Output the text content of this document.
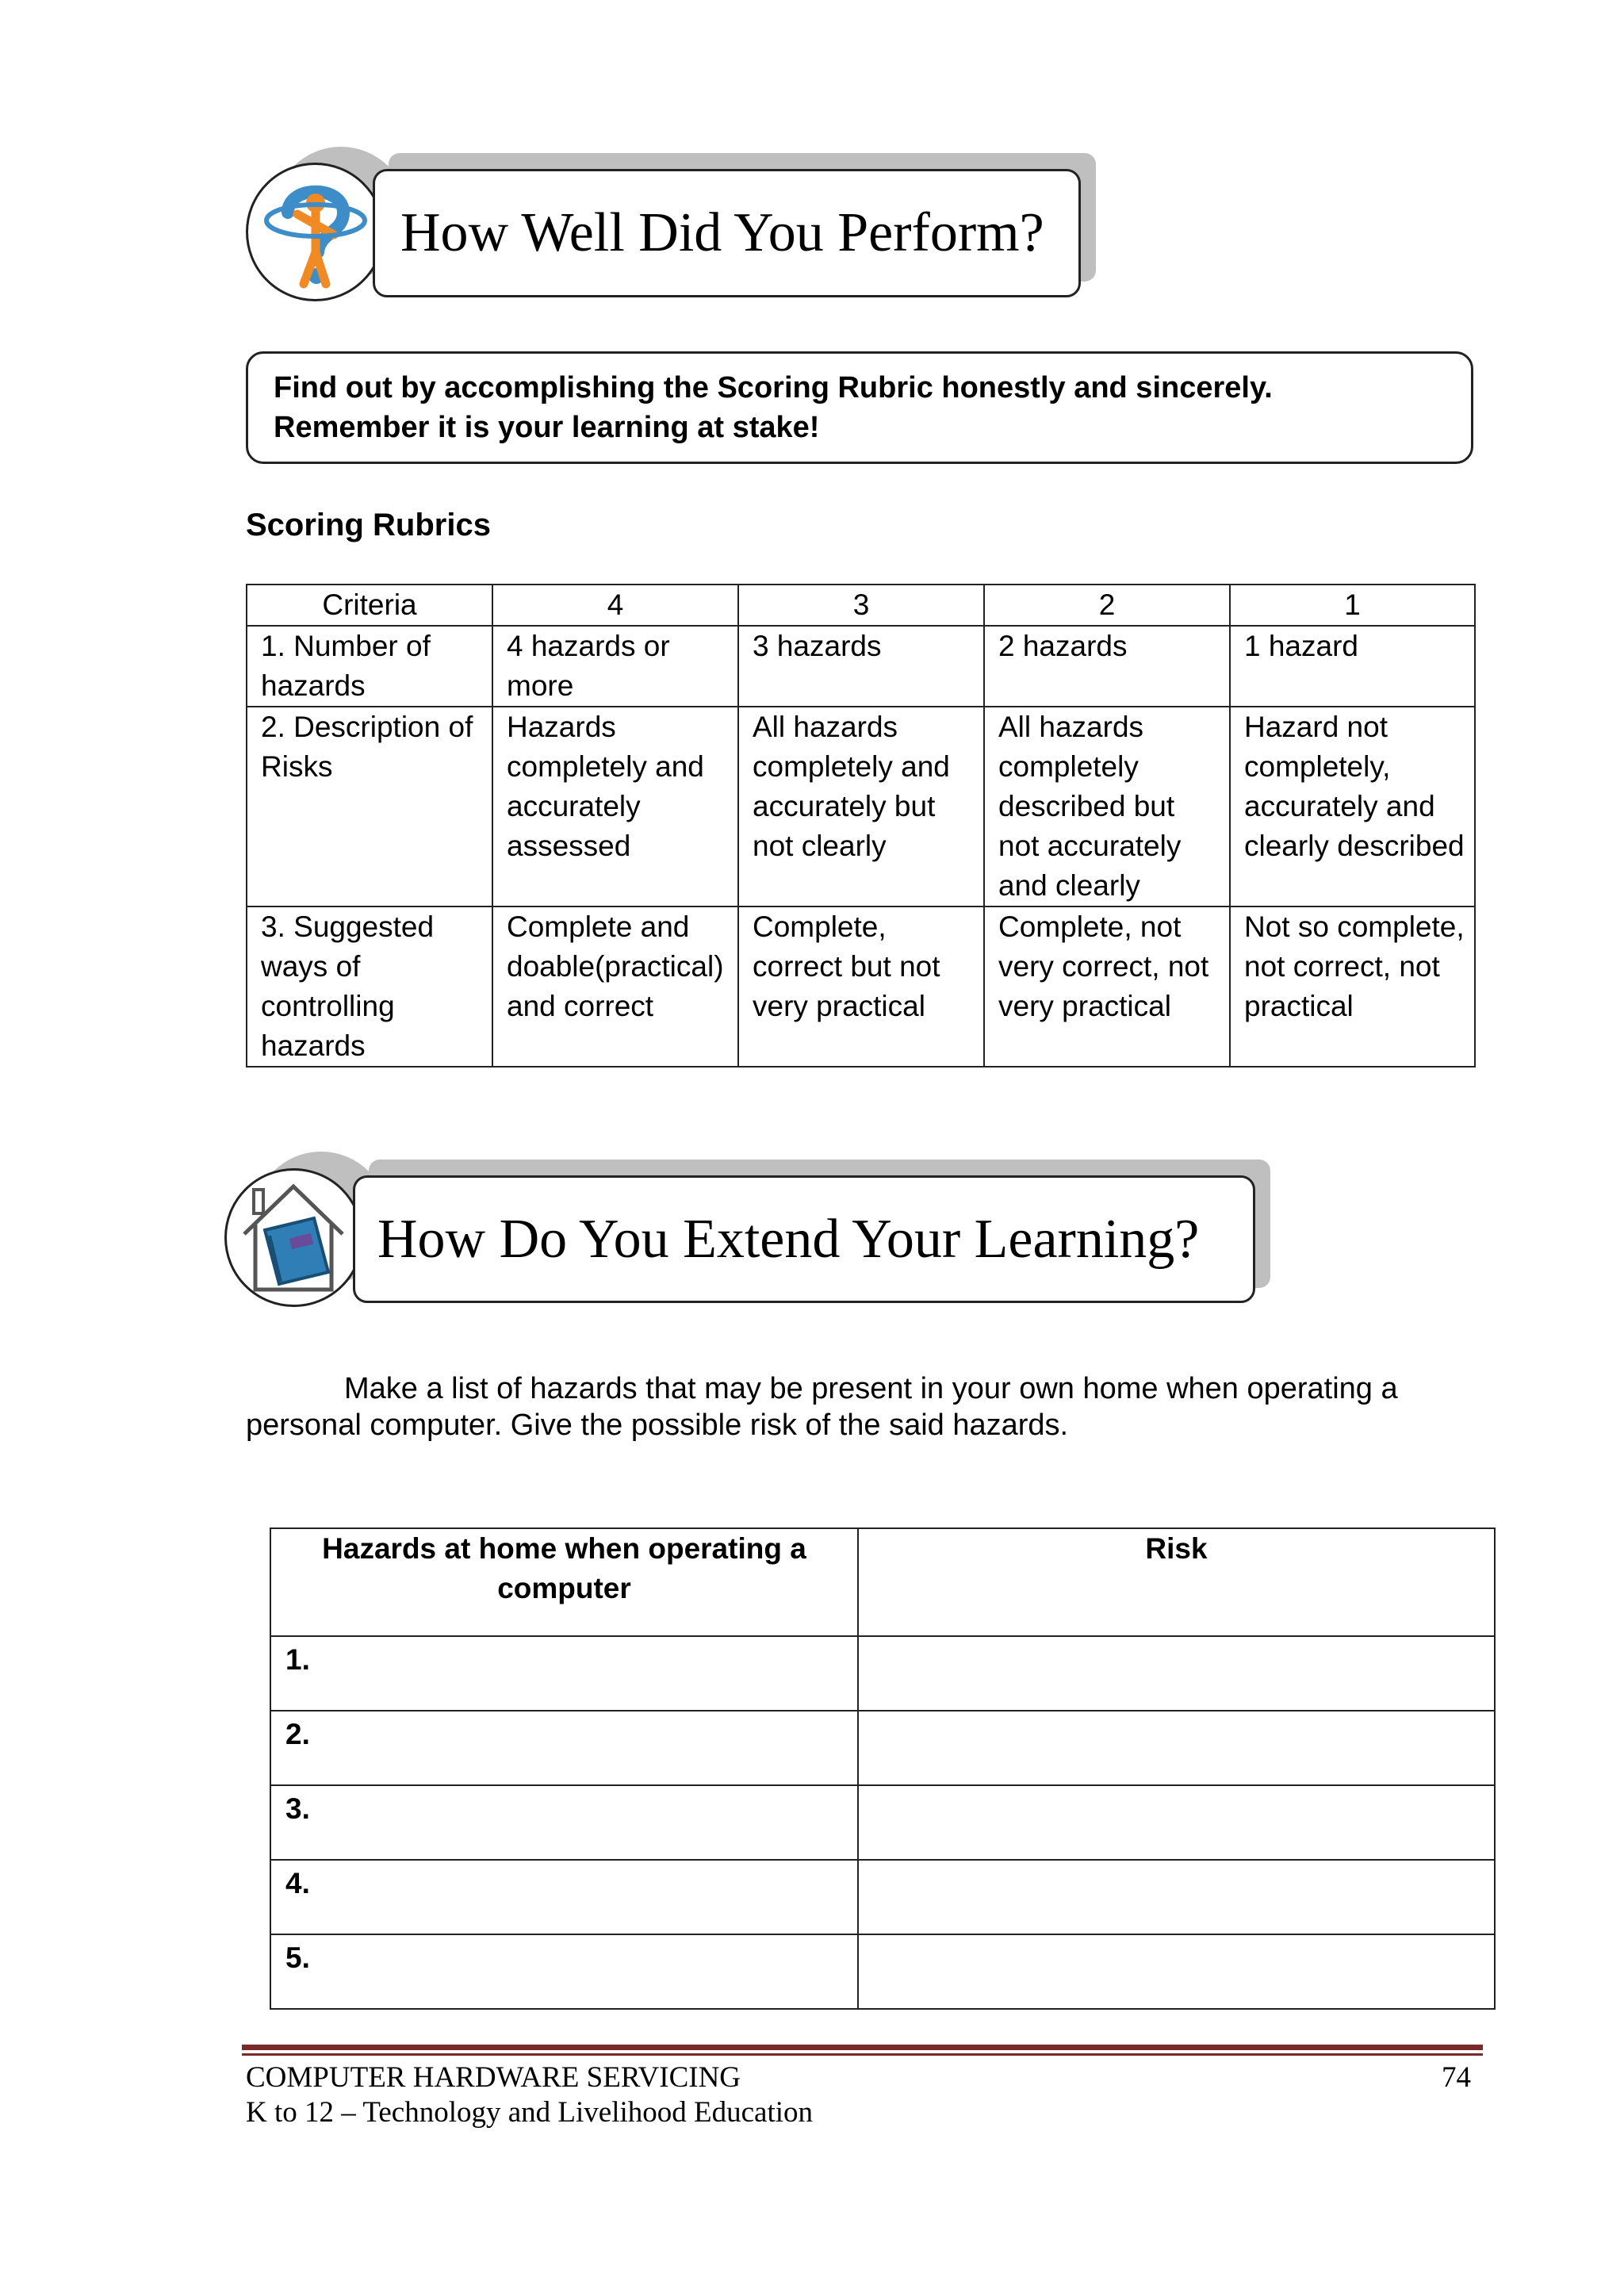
How Well Did You Perform?
Find out by accomplishing the Scoring Rubric honestly and sincerely.
Remember it is your learning at stake!
Scoring Rubrics
Criteria	4	3	2	1
1. Number of hazards	4 hazards or more	3 hazards	2 hazards	1 hazard
2. Description of Risks	Hazards completely and accurately assessed	All hazards completely and accurately but not clearly	All hazards completely described but not accurately and clearly	Hazard not completely, accurately and clearly described
3. Suggested ways of controlling hazards	Complete and doable(practical) and correct	Complete, correct but not very practical	Complete, not very correct, not very practical	Not so complete, not correct, not practical
How Do You Extend Your Learning?
Make a list of hazards that may be present in your own home when operating a personal computer. Give the possible risk of the said hazards.
Hazards at home when operating a computer	Risk
1.	
2.	
3.	
4.	
5.	
COMPUTER HARDWARE SERVICING
K to 12 – Technology and Livelihood Education
74
